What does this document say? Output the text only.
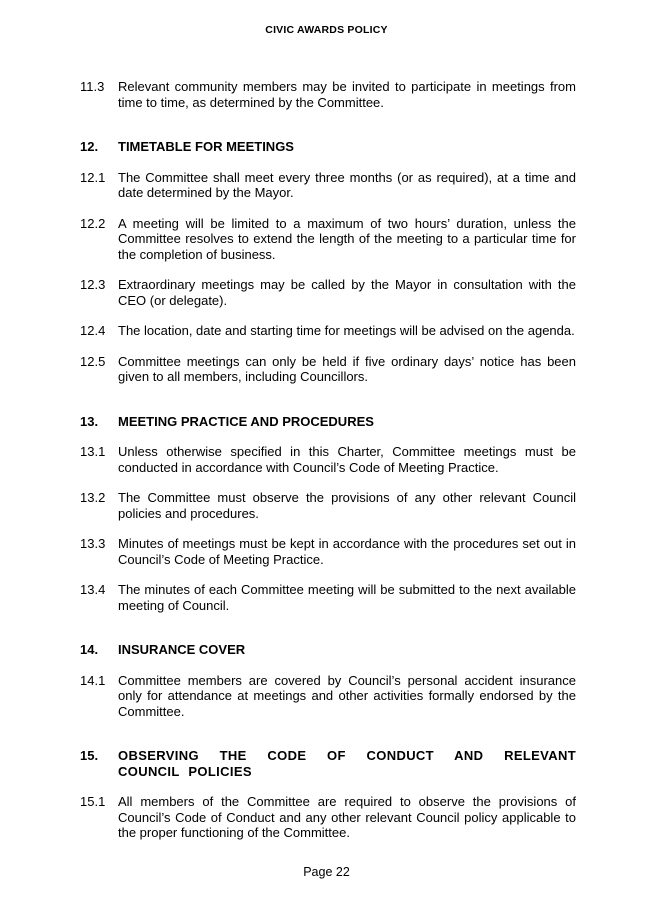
CIVIC AWARDS POLICY
11.3	Relevant community members may be invited to participate in meetings from time to time, as determined by the Committee.
12.	TIMETABLE FOR MEETINGS
12.1 The Committee shall meet every three months (or as required), at a time and date determined by the Mayor.
12.2 A meeting will be limited to a maximum of two hours’ duration, unless the Committee resolves to extend the length of the meeting to a particular time for the completion of business.
12.3 Extraordinary meetings may be called by the Mayor in consultation with the CEO (or delegate).
12.4 The location, date and starting time for meetings will be advised on the agenda.
12.5 Committee meetings can only be held if five ordinary days’ notice has been given to all members, including Councillors.
13.	MEETING PRACTICE AND PROCEDURES
13.1 Unless otherwise specified in this Charter, Committee meetings must be conducted in accordance with Council’s Code of Meeting Practice.
13.2 The Committee must observe the provisions of any other relevant Council policies and procedures.
13.3 Minutes of meetings must be kept in accordance with the procedures set out in Council’s Code of Meeting Practice.
13.4 The minutes of each Committee meeting will be submitted to the next available meeting of Council.
14.	INSURANCE COVER
14.1 Committee members are covered by Council’s personal accident insurance only for attendance at meetings and other activities formally endorsed by the Committee.
15.	OBSERVING THE CODE OF CONDUCT AND RELEVANT COUNCIL POLICIES
15.1 All members of the Committee are required to observe the provisions of Council’s Code of Conduct and any other relevant Council policy applicable to the proper functioning of the Committee.
Page 22
